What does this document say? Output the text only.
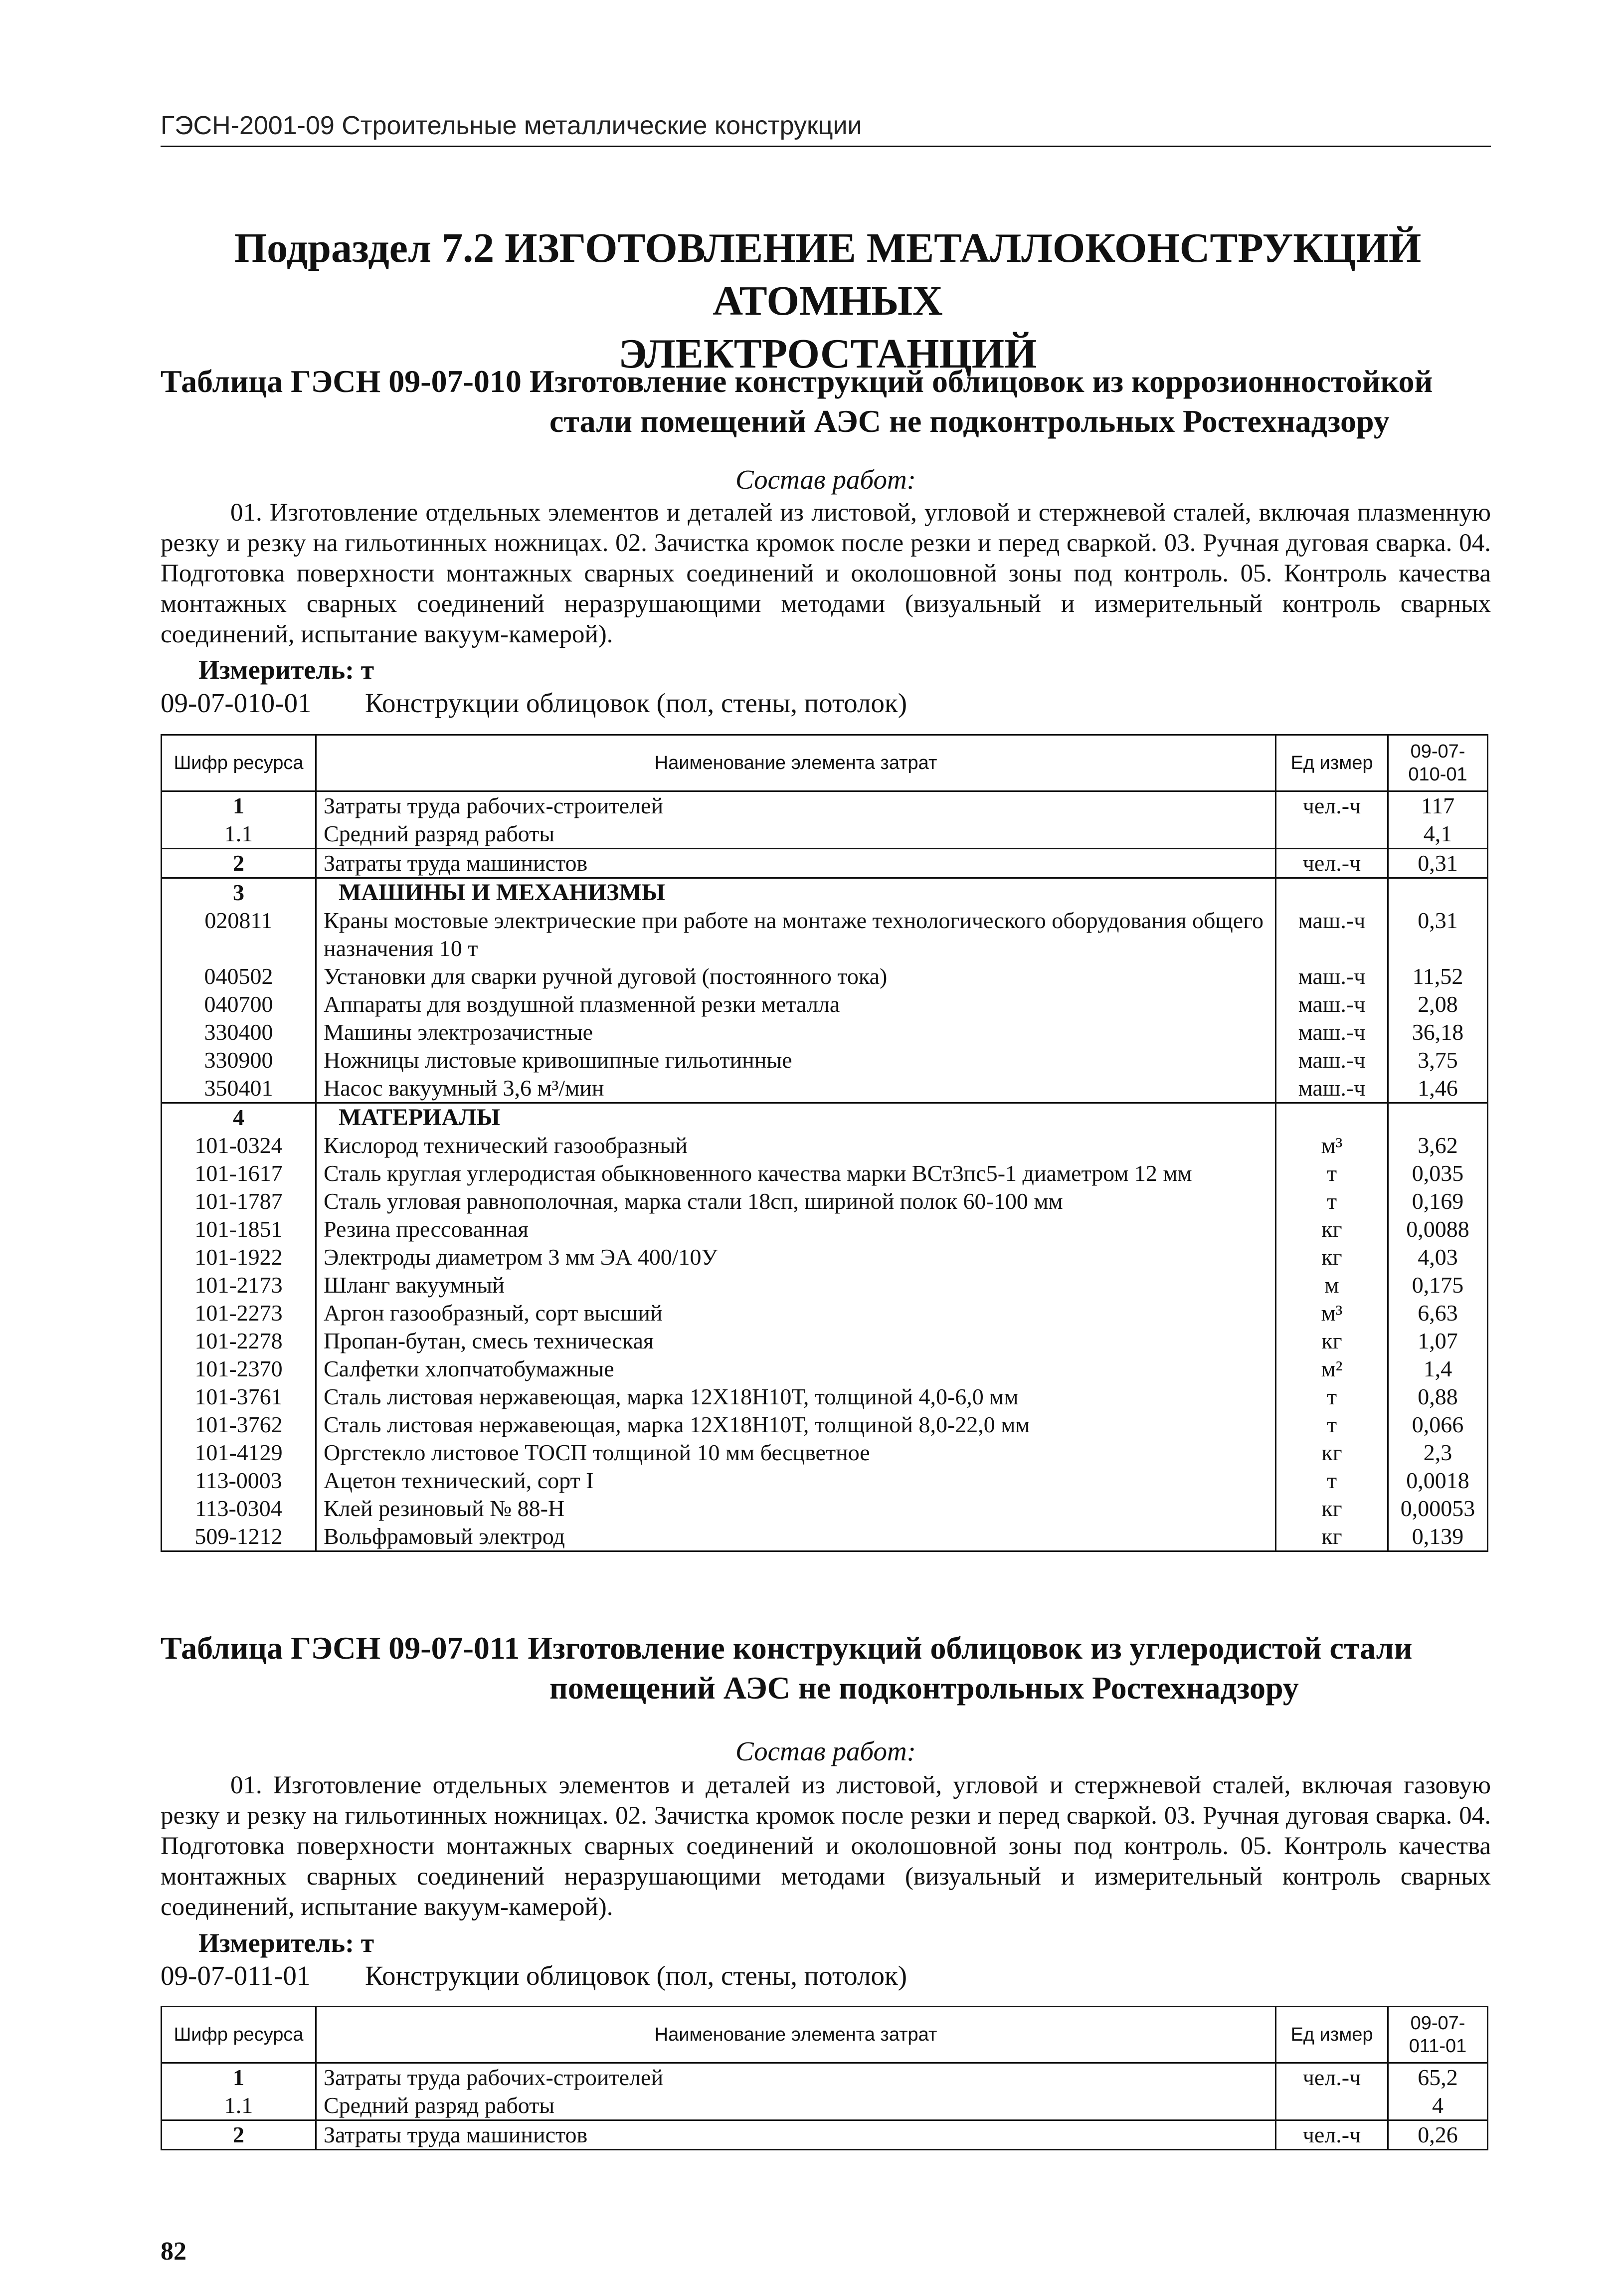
ГЭСН-2001-09 Строительные металлические конструкции
Подраздел 7.2 ИЗГОТОВЛЕНИЕ МЕТАЛЛОКОНСТРУКЦИЙ АТОМНЫХ
ЭЛЕКТРОСТАНЦИЙ
Таблица ГЭСН 09-07-010 Изготовление конструкций облицовок из коррозионностойкой
стали помещений АЭС не подконтрольных Ростехнадзору
Состав работ:
01. Изготовление отдельных элементов и деталей из листовой, угловой и стержневой сталей, включая плазменную резку и резку на гильотинных ножницах. 02. Зачистка кромок после резки и перед сваркой. 03. Ручная дуговая сварка. 04. Подготовка поверхности монтажных сварных соединений и околошовной зоны под контроль. 05. Контроль качества монтажных сварных соединений неразрушающими методами (визуальный и измерительный контроль сварных соединений, испытание вакуум-камерой).
Измеритель: т
09-07-010-01 Конструкции облицовок (пол, стены, потолок)
Шифр ресурса	Наименование элемента затрат	Ед измер	09-07-
010-01

1	Затраты труда рабочих-строителей	чел.-ч	117
1.1	Средний разряд работы		4,1
2	Затраты труда машинистов	чел.-ч	0,31
3	МАШИНЫ И МЕХАНИЗМЫ		
020811	Краны мостовые электрические при работе на монтаже технологического оборудования общего назначения 10 т	маш.-ч	0,31
040502	Установки для сварки ручной дуговой (постоянного тока)	маш.-ч	11,52
040700	Аппараты для воздушной плазменной резки металла	маш.-ч	2,08
330400	Машины электрозачистные	маш.-ч	36,18
330900	Ножницы листовые кривошипные гильотинные	маш.-ч	3,75
350401	Насос вакуумный 3,6 м³/мин	маш.-ч	1,46
4	МАТЕРИАЛЫ		
101-0324	Кислород технический газообразный	м³	3,62
101-1617	Сталь круглая углеродистая обыкновенного качества марки ВСт3пс5-1 диаметром 12 мм	т	0,035
101-1787	Сталь угловая равнополочная, марка стали 18сп, шириной полок 60-100 мм	т	0,169
101-1851	Резина прессованная	кг	0,0088
101-1922	Электроды диаметром 3 мм ЭА 400/10У	кг	4,03
101-2173	Шланг вакуумный	м	0,175
101-2273	Аргон газообразный, сорт высший	м³	6,63
101-2278	Пропан-бутан, смесь техническая	кг	1,07
101-2370	Салфетки хлопчатобумажные	м²	1,4
101-3761	Сталь листовая нержавеющая, марка 12Х18Н10Т, толщиной 4,0-6,0 мм	т	0,88
101-3762	Сталь листовая нержавеющая, марка 12Х18Н10Т, толщиной 8,0-22,0 мм	т	0,066
101-4129	Оргстекло листовое ТОСП толщиной 10 мм бесцветное	кг	2,3
113-0003	Ацетон технический, сорт I	т	0,0018
113-0304	Клей резиновый № 88-Н	кг	0,00053
509-1212	Вольфрамовый электрод	кг	0,139
Таблица ГЭСН 09-07-011 Изготовление конструкций облицовок из углеродистой стали
помещений АЭС не подконтрольных Ростехнадзору
Состав работ:
01. Изготовление отдельных элементов и деталей из листовой, угловой и стержневой сталей, включая газовую резку и резку на гильотинных ножницах. 02. Зачистка кромок после резки и перед сваркой. 03. Ручная дуговая сварка. 04. Подготовка поверхности монтажных сварных соединений и околошовной зоны под контроль. 05. Контроль качества монтажных сварных соединений неразрушающими методами (визуальный и измерительный контроль сварных соединений, испытание вакуум-камерой).
Измеритель: т
09-07-011-01 Конструкции облицовок (пол, стены, потолок)
Шифр ресурса	Наименование элемента затрат	Ед измер	09-07-
011-01

1	Затраты труда рабочих-строителей	чел.-ч	65,2
1.1	Средний разряд работы		4
2	Затраты труда машинистов	чел.-ч	0,26
82
